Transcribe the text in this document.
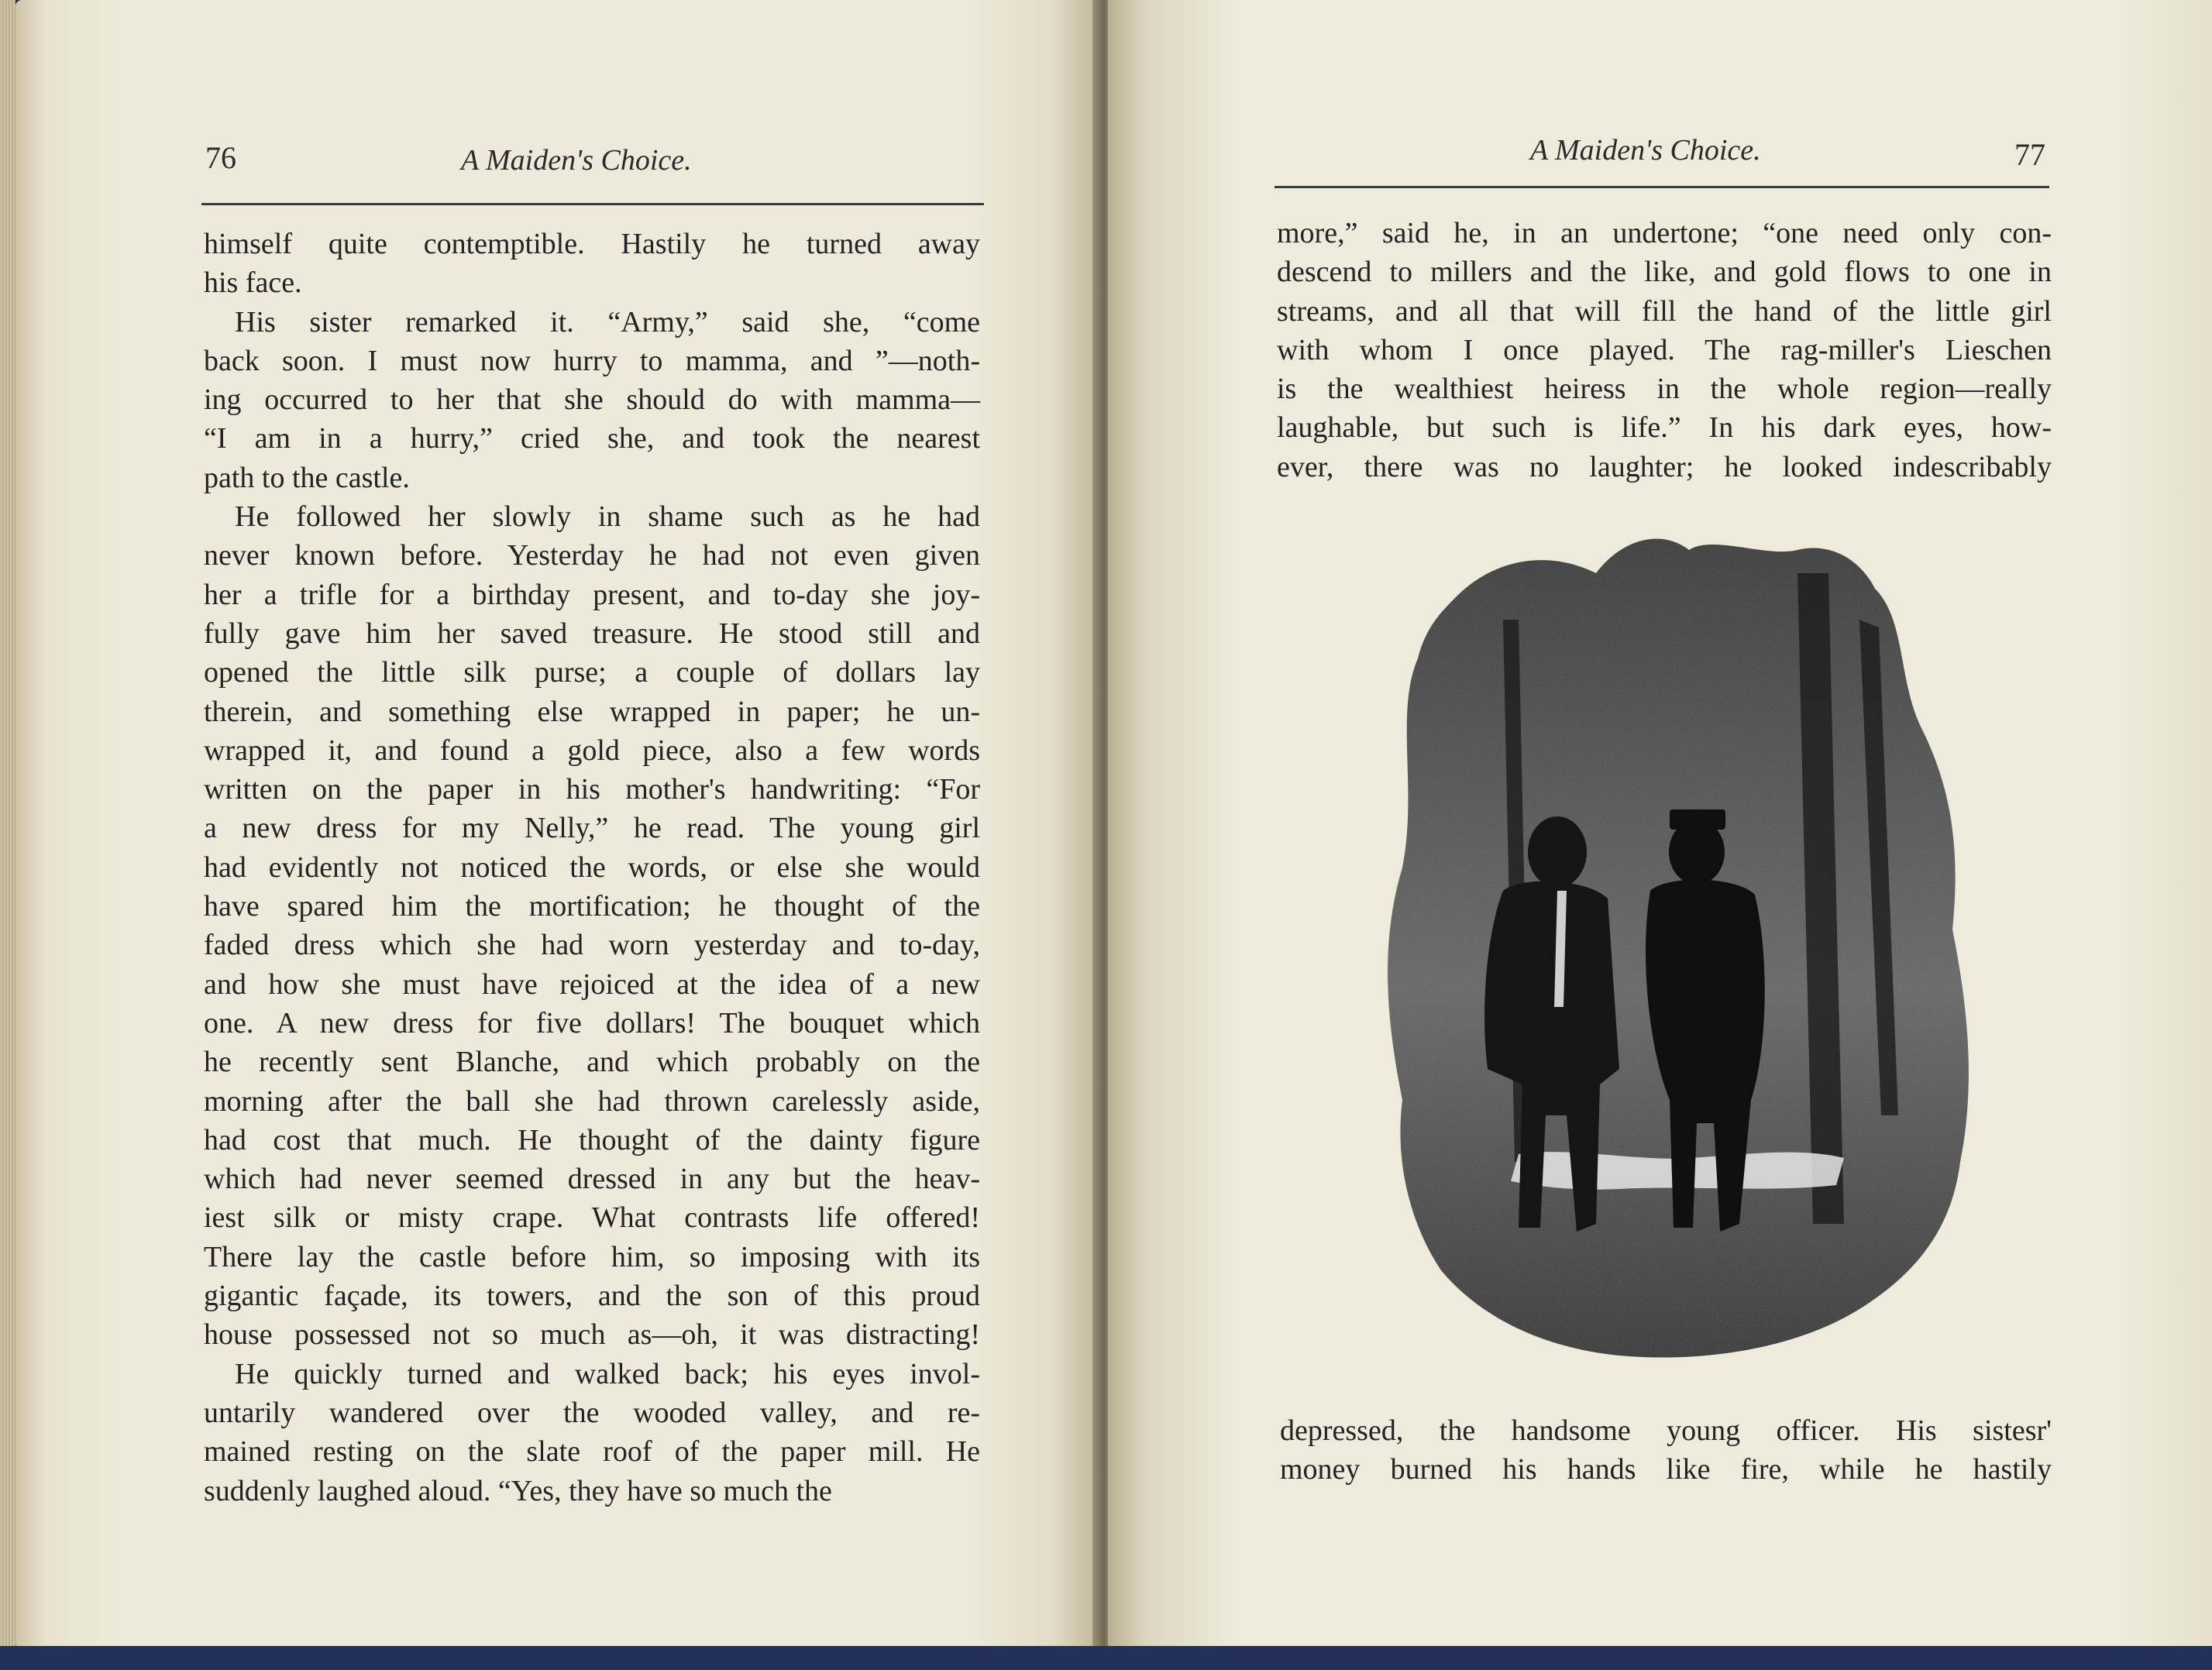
76	A Maiden's Choice.
himself quite contemptible. Hastily he turned away
his face.
His sister remarked it. “Army,” said she, “come
back soon. I must now hurry to mamma, and ”—noth-
ing occurred to her that she should do with mamma—
“I am in a hurry,” cried she, and took the nearest
path to the castle.
He followed her slowly in shame such as he had
never known before. Yesterday he had not even given
her a trifle for a birthday present, and to-day she joy-
fully gave him her saved treasure. He stood still and
opened the little silk purse; a couple of dollars lay
therein, and something else wrapped in paper; he un-
wrapped it, and found a gold piece, also a few words
written on the paper in his mother's handwriting: “For
a new dress for my Nelly,” he read. The young girl
had evidently not noticed the words, or else she would
have spared him the mortification; he thought of the
faded dress which she had worn yesterday and to-day,
and how she must have rejoiced at the idea of a new
one. A new dress for five dollars! The bouquet which
he recently sent Blanche, and which probably on the
morning after the ball she had thrown carelessly aside,
had cost that much. He thought of the dainty figure
which had never seemed dressed in any but the heav-
iest silk or misty crape. What contrasts life offered!
There lay the castle before him, so imposing with its
gigantic façade, its towers, and the son of this proud
house possessed not so much as—oh, it was distracting!
He quickly turned and walked back; his eyes invol-
untarily wandered over the wooded valley, and re-
mained resting on the slate roof of the paper mill. He
suddenly laughed aloud. “Yes, they have so much the
A Maiden's Choice.	77
more,” said he, in an undertone; “one need only con-
descend to millers and the like, and gold flows to one in
streams, and all that will fill the hand of the little girl
with whom I once played. The rag-miller's Lieschen
is the wealthiest heiress in the whole region—really
laughable, but such is life.” In his dark eyes, how-
ever, there was no laughter; he looked indescribably
depressed, the handsome young officer. His sistesr'
money burned his hands like fire, while he hastily
